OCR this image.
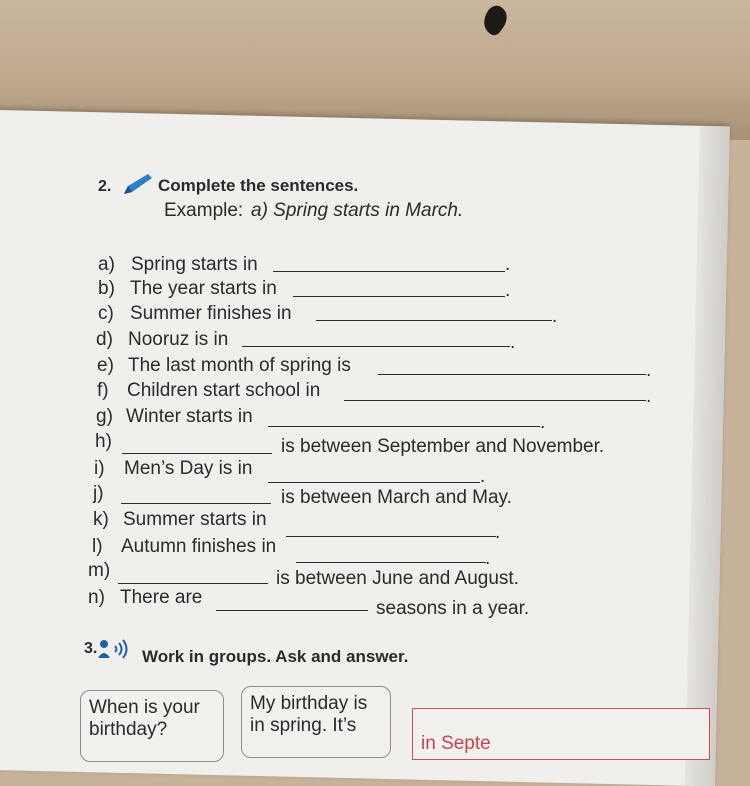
2.	Complete the sentences.
Example: a) Spring starts in March.
a) Spring starts in	.
b) The year starts in	.
c) Summer finishes in	.
d) Nooruz is in	.
e) The last month of spring is	.
f) Children start school in	.
g) Winter starts in	.
h)	is between September and November.
i) Men’s Day is in	.
j)	is between March and May.
k) Summer starts in
.
l) Autumn finishes in
.
m)	is between June and August.
n) There are
seasons in a year.
3.	Work in groups. Ask and answer.
When is your
birthday?
My birthday is
in spring. It’s
in Septe
